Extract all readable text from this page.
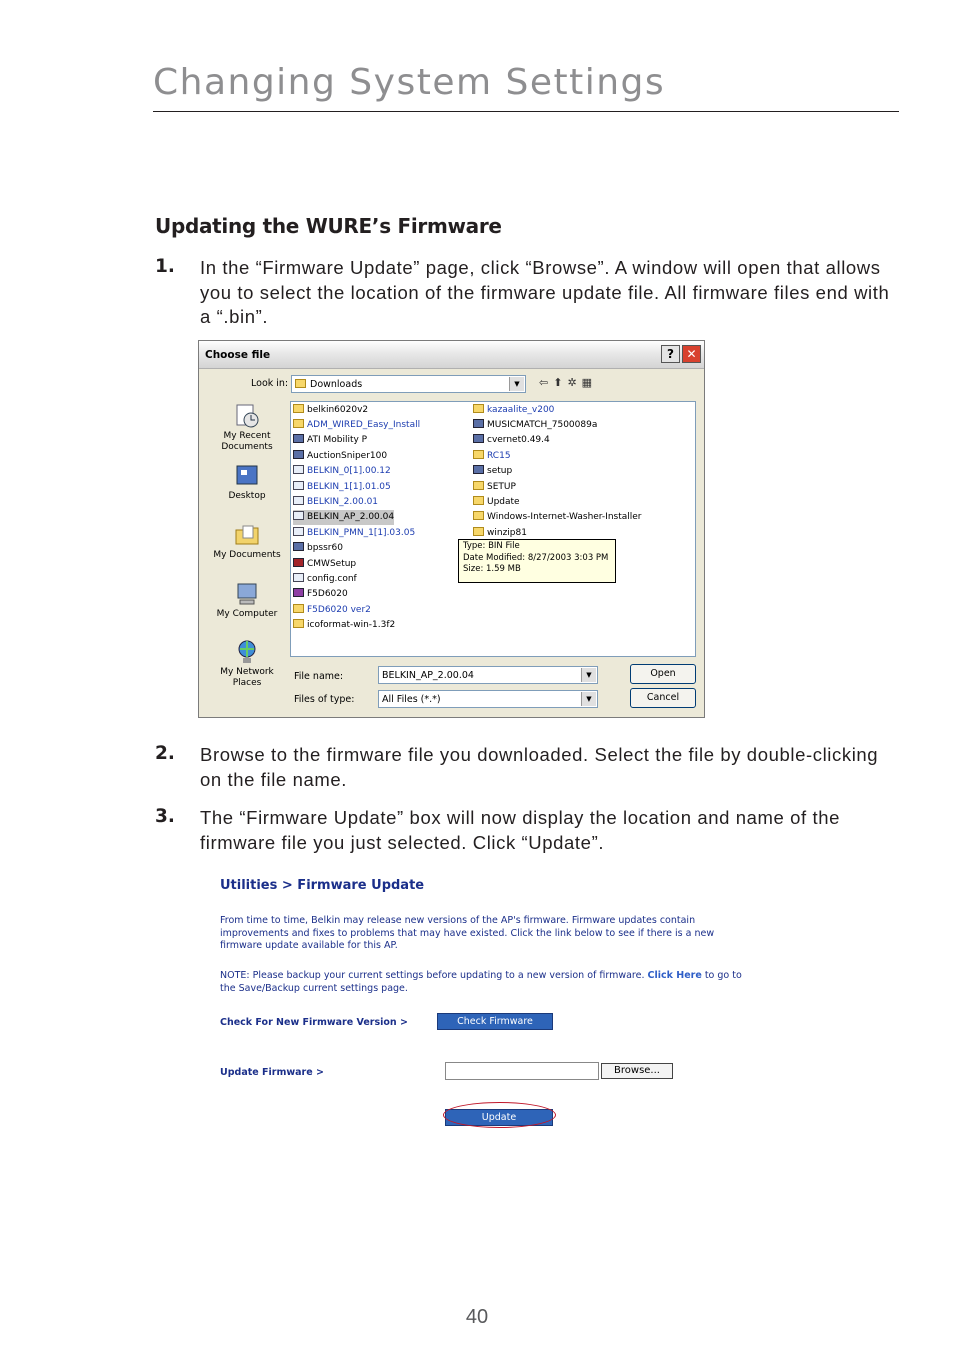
Changing System Settings
Updating the WURE’s Firmware
1. In the “Firmware Update” page, click “Browse”. A window will open that allows you to select the location of the firmware update file. All firmware files end with a “.bin”.
Choose file	?	✕
Look in:	Downloads	▼	⇦⬆✲▦
My Recent Documents
Desktop
My Documents
My Computer
My Network Places
belkin6020v2
ADM_WIRED_Easy_Install
ATI Mobility P
AuctionSniper100
BELKIN_0[1].00.12
BELKIN_1[1].01.05
BELKIN_2.00.01
BELKIN_AP_2.00.04
BELKIN_PMN_1[1].03.05
bpssr60
CMWSetup
config.conf
F5D6020
F5D6020 ver2
icoformat-win-1.3f2
kazaalite_v200
MUSICMATCH_7500089a
cvernet0.49.4
RC15
setup
SETUP
Update
Windows-Internet-Washer-Installer
winzip81
Type: BIN File
Date Modified: 8/27/2003 3:03 PM
Size: 1.59 MB
File name:	BELKIN_AP_2.00.04	▼
Files of type:	All Files (*.*)	▼
Open
Cancel
2. Browse to the firmware file you downloaded. Select the file by double-clicking on the file name.
3. The “Firmware Update” box will now display the location and name of the firmware file you just selected. Click “Update”.
Utilities > Firmware Update
From time to time, Belkin may release new versions of the AP's firmware. Firmware updates contain improvements and fixes to problems that may have existed. Click the link below to see if there is a new firmware update available for this AP.
NOTE: Please backup your current settings before updating to a new version of firmware. Click Here to go to the Save/Backup current settings page.
Check For New Firmware Version >	Check Firmware
Update Firmware >	Browse...
Update
40
